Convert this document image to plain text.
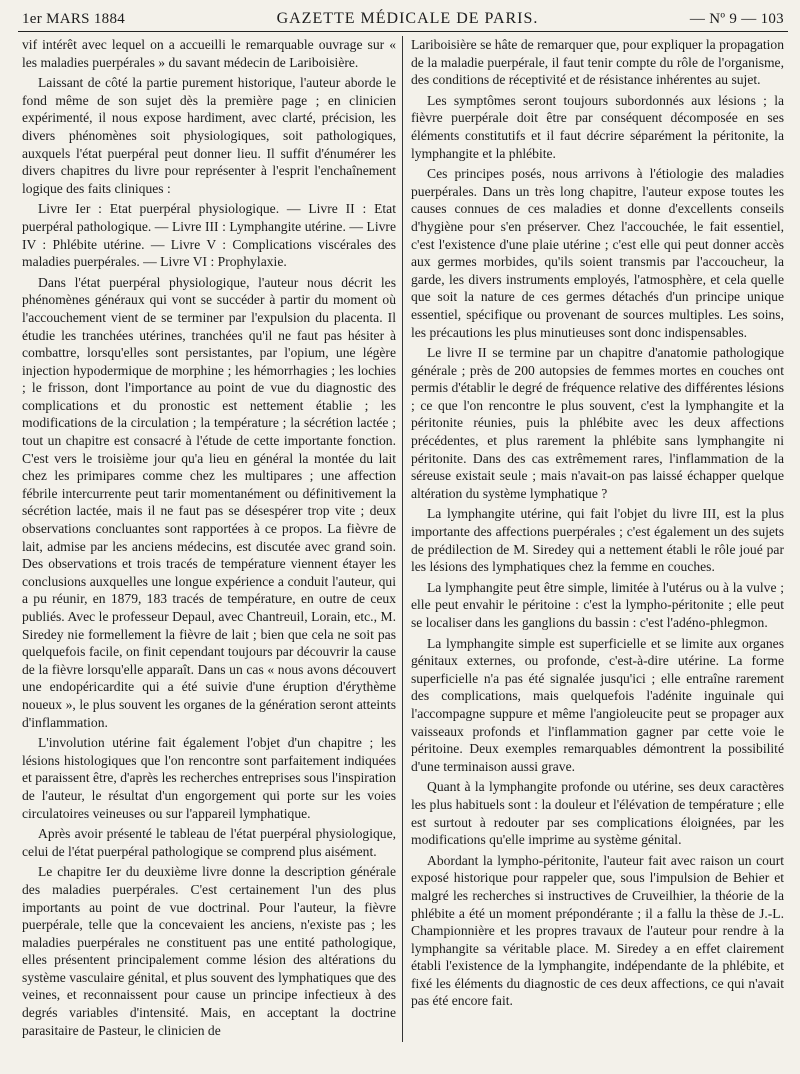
1er MARS 1884	GAZETTE MÉDICALE DE PARIS.	— Nº 9 — 103

vif intérêt avec lequel on a accueilli le remarquable ouvrage sur « les maladies puerpérales » du savant médecin de Lariboisière.

Laissant de côté la partie purement historique, l'auteur aborde le fond même de son sujet dès la première page ; en clinicien expérimenté, il nous expose hardiment, avec clarté, précision, les divers phénomènes soit physiologiques, soit pathologiques, auxquels l'état puerpéral peut donner lieu. Il suffit d'énumérer les divers chapitres du livre pour représenter à l'esprit l'enchaînement logique des faits cliniques :

Livre Ier : Etat puerpéral physiologique. — Livre II : Etat puerpéral pathologique. — Livre III : Lymphangite utérine. — Livre IV : Phlébite utérine. — Livre V : Complications viscérales des maladies puerpérales. — Livre VI : Prophylaxie.

Dans l'état puerpéral physiologique, l'auteur nous décrit les phénomènes généraux qui vont se succéder à partir du moment où l'accouchement vient de se terminer par l'expulsion du placenta. Il étudie les tranchées utérines, tranchées qu'il ne faut pas hésiter à combattre, lorsqu'elles sont persistantes, par l'opium, une légère injection hypodermique de morphine ; les hémorrhagies ; les lochies ; le frisson, dont l'importance au point de vue du diagnostic des complications et du pronostic est nettement établie ; les modifications de la circulation ; la température ; la sécrétion lactée ; tout un chapitre est consacré à l'étude de cette importante fonction. C'est vers le troisième jour qu'a lieu en général la montée du lait chez les primipares comme chez les multipares ; une affection fébrile intercurrente peut tarir momentanément ou définitivement la sécrétion lactée, mais il ne faut pas se désespérer trop vite ; deux observations concluantes sont rapportées à ce propos. La fièvre de lait, admise par les anciens médecins, est discutée avec grand soin. Des observations et trois tracés de température viennent étayer les conclusions auxquelles une longue expérience a conduit l'auteur, qui a pu réunir, en 1879, 183 tracés de température, en outre de ceux publiés. Avec le professeur Depaul, avec Chantreuil, Lorain, etc., M. Siredey nie formellement la fièvre de lait ; bien que cela ne soit pas quelquefois facile, on finit cependant toujours par découvrir la cause de la fièvre lorsqu'elle apparaît. Dans un cas « nous avons découvert une endopéricardite qui a été suivie d'une éruption d'érythème noueux », le plus souvent les organes de la génération seront atteints d'inflammation.

L'involution utérine fait également l'objet d'un chapitre ; les lésions histologiques que l'on rencontre sont parfaitement indiquées et paraissent être, d'après les recherches entreprises sous l'inspiration de l'auteur, le résultat d'un engorgement qui porte sur les voies circulatoires veineuses ou sur l'appareil lymphatique.

Après avoir présenté le tableau de l'état puerpéral physiologique, celui de l'état puerpéral pathologique se comprend plus aisément.

Le chapitre Ier du deuxième livre donne la description générale des maladies puerpérales. C'est certainement l'un des plus importants au point de vue doctrinal. Pour l'auteur, la fièvre puerpérale, telle que la concevaient les anciens, n'existe pas ; les maladies puerpérales ne constituent pas une entité pathologique, elles présentent principalement comme lésion des altérations du système vasculaire génital, et plus souvent des lymphatiques que des veines, et reconnaissent pour cause un principe infectieux à des degrés variables d'intensité. Mais, en acceptant la doctrine parasitaire de Pasteur, le clinicien de

Lariboisière se hâte de remarquer que, pour expliquer la propagation de la maladie puerpérale, il faut tenir compte du rôle de l'organisme, des conditions de réceptivité et de résistance inhérentes au sujet.

Les symptômes seront toujours subordonnés aux lésions ; la fièvre puerpérale doit être par conséquent décomposée en ses éléments constitutifs et il faut décrire séparément la péritonite, la lymphangite et la phlébite.

Ces principes posés, nous arrivons à l'étiologie des maladies puerpérales. Dans un très long chapitre, l'auteur expose toutes les causes connues de ces maladies et donne d'excellents conseils d'hygiène pour s'en préserver. Chez l'accouchée, le fait essentiel, c'est l'existence d'une plaie utérine ; c'est elle qui peut donner accès aux germes morbides, qu'ils soient transmis par l'accoucheur, la garde, les divers instruments employés, l'atmosphère, et cela quelle que soit la nature de ces germes détachés d'un principe unique essentiel, spécifique ou provenant de sources multiples. Les soins, les précautions les plus minutieuses sont donc indispensables.

Le livre II se termine par un chapitre d'anatomie pathologique générale ; près de 200 autopsies de femmes mortes en couches ont permis d'établir le degré de fréquence relative des différentes lésions ; ce que l'on rencontre le plus souvent, c'est la lymphangite et la péritonite réunies, puis la phlébite avec les deux affections précédentes, et plus rarement la phlébite sans lymphangite ni péritonite. Dans des cas extrêmement rares, l'inflammation de la séreuse existait seule ; mais n'avait-on pas laissé échapper quelque altération du système lymphatique ?

La lymphangite utérine, qui fait l'objet du livre III, est la plus importante des affections puerpérales ; c'est également un des sujets de prédilection de M. Siredey qui a nettement établi le rôle joué par les lésions des lymphatiques chez la femme en couches.

La lymphangite peut être simple, limitée à l'utérus ou à la vulve ; elle peut envahir le péritoine : c'est la lympho-péritonite ; elle peut se localiser dans les ganglions du bassin : c'est l'adéno-phlegmon.

La lymphangite simple est superficielle et se limite aux organes génitaux externes, ou profonde, c'est-à-dire utérine. La forme superficielle n'a pas été signalée jusqu'ici ; elle entraîne rarement des complications, mais quelquefois l'adénite inguinale qui l'accompagne suppure et même l'angioleucite peut se propager aux vaisseaux profonds et l'inflammation gagner par cette voie le péritoine. Deux exemples remarquables démontrent la possibilité d'une terminaison aussi grave.

Quant à la lymphangite profonde ou utérine, ses deux caractères les plus habituels sont : la douleur et l'élévation de température ; elle est surtout à redouter par ses complications éloignées, par les modifications qu'elle imprime au système génital.

Abordant la lympho-péritonite, l'auteur fait avec raison un court exposé historique pour rappeler que, sous l'impulsion de Behier et malgré les recherches si instructives de Cruveilhier, la théorie de la phlébite a été un moment prépondérante ; il a fallu la thèse de J.-L. Championnière et les propres travaux de l'auteur pour rendre à la lymphangite sa véritable place. M. Siredey a en effet clairement établi l'existence de la lymphangite, indépendante de la phlébite, et fixé les éléments du diagnostic de ces deux affections, ce qui n'avait pas été encore fait.
